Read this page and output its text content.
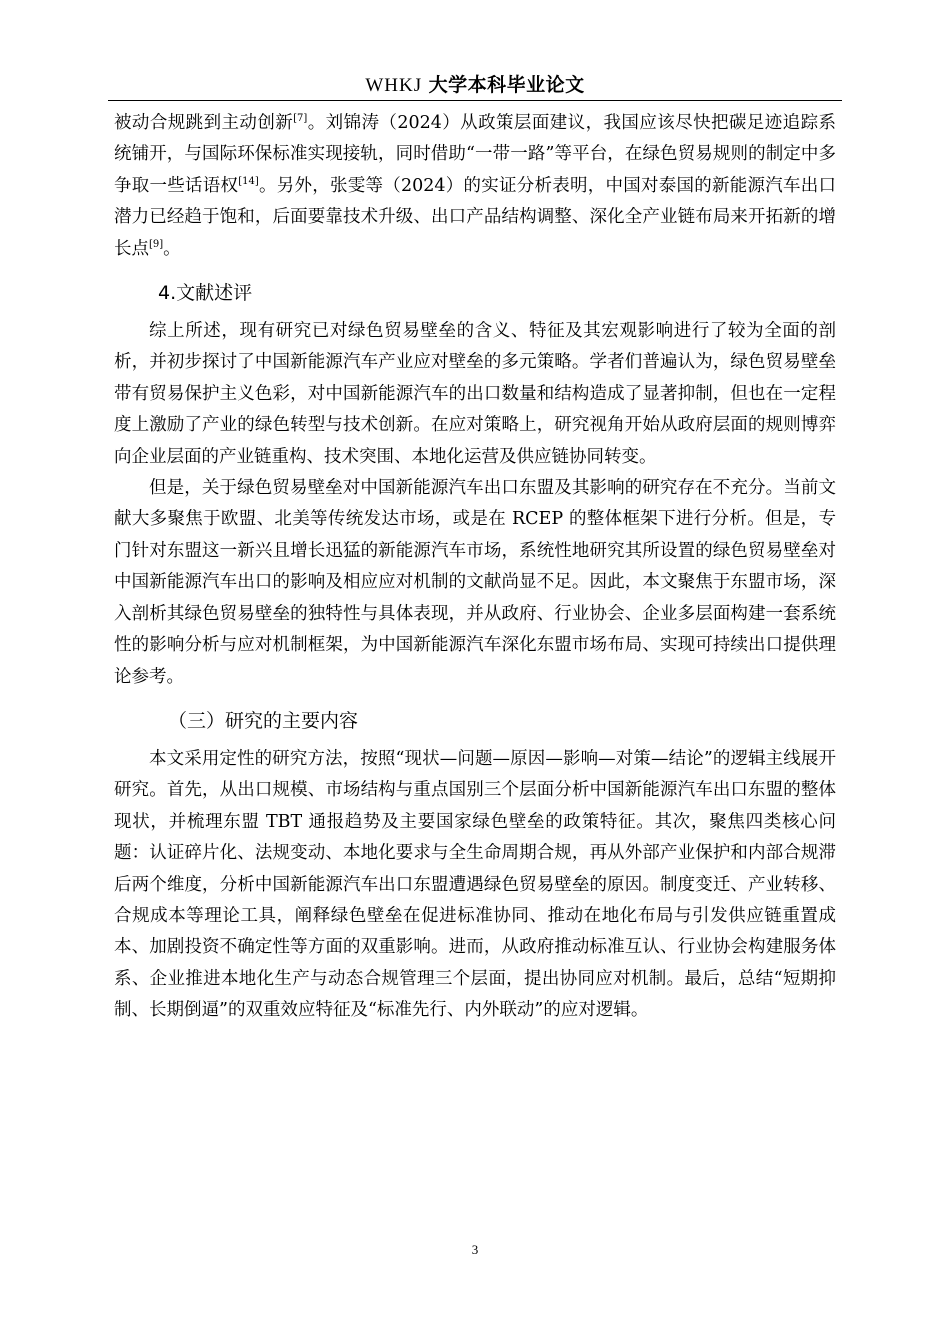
WHKJ 大学本科毕业论文

被动合规跳到主动创新[7]。刘锦涛（2024）从政策层面建议，我国应该尽快把碳足迹追踪系统铺开，与国际环保标准实现接轨，同时借助“一带一路”等平台，在绿色贸易规则的制定中多争取一些话语权[14]。另外，张雯等（2024）的实证分析表明，中国对泰国的新能源汽车出口潜力已经趋于饱和，后面要靠技术升级、出口产品结构调整、深化全产业链布局来开拓新的增长点[9]。

4.文献述评

综上所述，现有研究已对绿色贸易壁垒的含义、特征及其宏观影响进行了较为全面的剖析，并初步探讨了中国新能源汽车产业应对壁垒的多元策略。学者们普遍认为，绿色贸易壁垒带有贸易保护主义色彩，对中国新能源汽车的出口数量和结构造成了显著抑制，但也在一定程度上激励了产业的绿色转型与技术创新。在应对策略上，研究视角开始从政府层面的规则博弈向企业层面的产业链重构、技术突围、本地化运营及供应链协同转变。

但是，关于绿色贸易壁垒对中国新能源汽车出口东盟及其影响的研究存在不充分。当前文献大多聚焦于欧盟、北美等传统发达市场，或是在 RCEP 的整体框架下进行分析。但是，专门针对东盟这一新兴且增长迅猛的新能源汽车市场，系统性地研究其所设置的绿色贸易壁垒对中国新能源汽车出口的影响及相应应对机制的文献尚显不足。因此，本文聚焦于东盟市场，深入剖析其绿色贸易壁垒的独特性与具体表现，并从政府、行业协会、企业多层面构建一套系统性的影响分析与应对机制框架，为中国新能源汽车深化东盟市场布局、实现可持续出口提供理论参考。

（三）研究的主要内容

本文采用定性的研究方法，按照“现状—问题—原因—影响—对策—结论”的逻辑主线展开研究。首先，从出口规模、市场结构与重点国别三个层面分析中国新能源汽车出口东盟的整体现状，并梳理东盟 TBT 通报趋势及主要国家绿色壁垒的政策特征。其次，聚焦四类核心问题：认证碎片化、法规变动、本地化要求与全生命周期合规，再从外部产业保护和内部合规滞后两个维度，分析中国新能源汽车出口东盟遭遇绿色贸易壁垒的原因。制度变迁、产业转移、合规成本等理论工具，阐释绿色壁垒在促进标准协同、推动在地化布局与引发供应链重置成本、加剧投资不确定性等方面的双重影响。进而，从政府推动标准互认、行业协会构建服务体系、企业推进本地化生产与动态合规管理三个层面，提出协同应对机制。最后，总结“短期抑制、长期倒逼”的双重效应特征及“标准先行、内外联动”的应对逻辑。

3
